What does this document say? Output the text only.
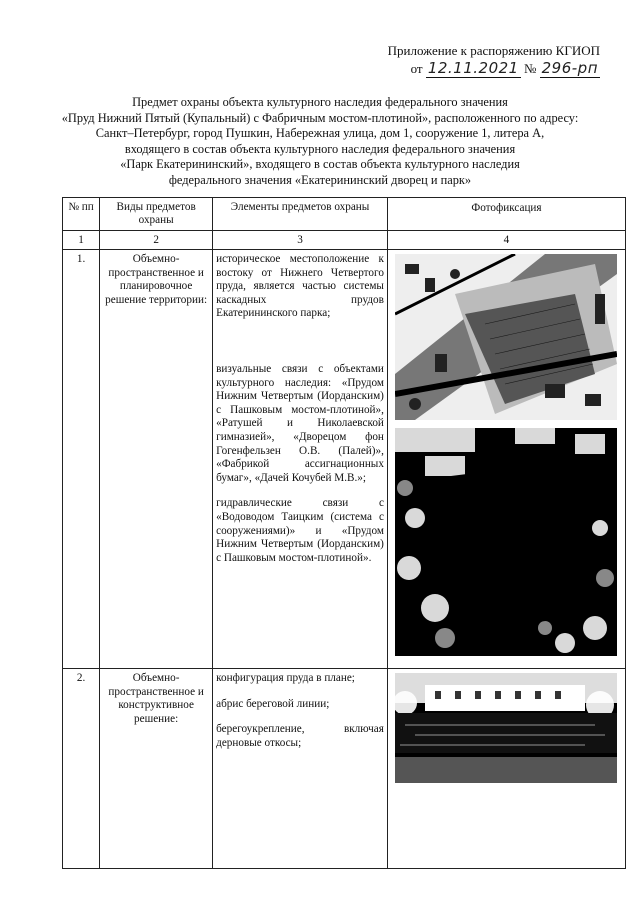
Приложение к распоряжению КГИОП
от 12.11.2021 № 296-рп
Предмет охраны объекта культурного наследия федерального значения
«Пруд Нижний Пятый (Купальный) с Фабричным мостом-плотиной», расположенного по адресу:
Санкт–Петербург, город Пушкин, Набережная улица, дом 1, сооружение 1, литера А,
входящего в состав объекта культурного наследия федерального значения
«Парк Екатерининский», входящего в состав объекта культурного наследия
федерального значения «Екатерининский дворец и парк»
№ пп	Виды предметов охраны	Элементы предметов охраны	Фотофиксация
1	2	3	4
1.	Объемно-пространственное и планировочное решение территории:	историческое местоположение к востоку от Нижнего Четвертого пруда, является частью системы каскадных прудов Екатерининского парка;

визуальные связи с объектами культурного наследия: «Прудом Нижним Четвертым (Иорданским) с Пашковым мостом-плотиной», «Ратушей и Николаевской гимназией», «Дворецом фон Гогенфельзен О.В. (Палей)», «Фабрикой ассигнационных бумаг», «Дачей Кочубей М.В.»;

гидравлические связи с «Водоводом Таицким (система с сооружениями)» и «Прудом Нижним Четвертым (Иорданским) с Пашковым мостом-плотиной».

2.	Объемно-пространственное и конструктивное решение:	конфигурация пруда в плане;

абрис береговой линии;

берегоукрепление, включая дерновые откосы;
